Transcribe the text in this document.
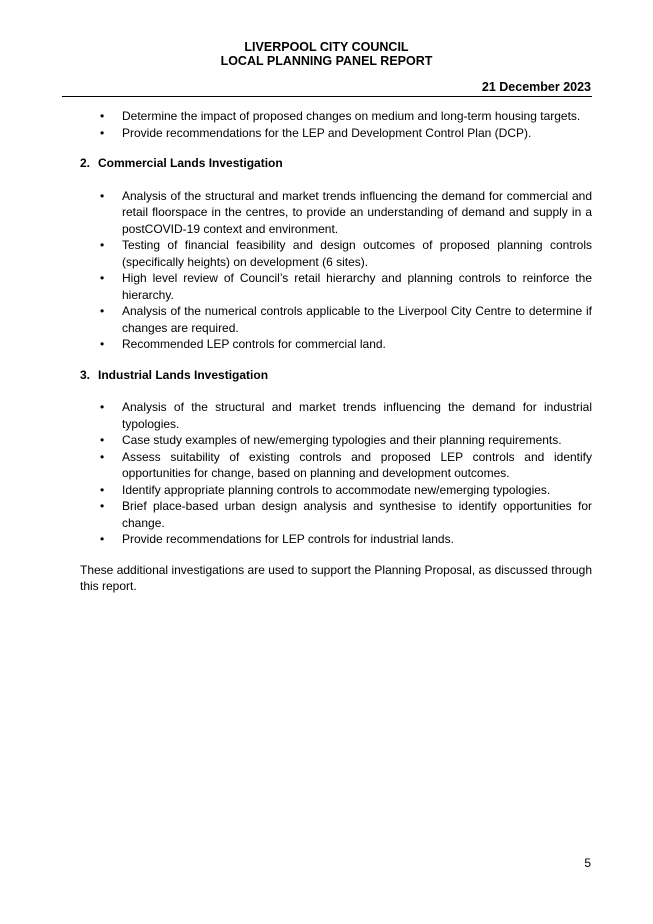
LIVERPOOL CITY COUNCIL
LOCAL PLANNING PANEL REPORT
21 December 2023
• Determine the impact of proposed changes on medium and long-term housing targets.
• Provide recommendations for the LEP and Development Control Plan (DCP).

2. Commercial Lands Investigation

• Analysis of the structural and market trends influencing the demand for commercial and retail floorspace in the centres, to provide an understanding of demand and supply in a postCOVID-19 context and environment.
• Testing of financial feasibility and design outcomes of proposed planning controls (specifically heights) on development (6 sites).
• High level review of Council’s retail hierarchy and planning controls to reinforce the hierarchy.
• Analysis of the numerical controls applicable to the Liverpool City Centre to determine if changes are required.
• Recommended LEP controls for commercial land.

3. Industrial Lands Investigation

• Analysis of the structural and market trends influencing the demand for industrial typologies.
• Case study examples of new/emerging typologies and their planning requirements.
• Assess suitability of existing controls and proposed LEP controls and identify opportunities for change, based on planning and development outcomes.
• Identify appropriate planning controls to accommodate new/emerging typologies.
• Brief place-based urban design analysis and synthesise to identify opportunities for change.
• Provide recommendations for LEP controls for industrial lands.

These additional investigations are used to support the Planning Proposal, as discussed through this report.

5
